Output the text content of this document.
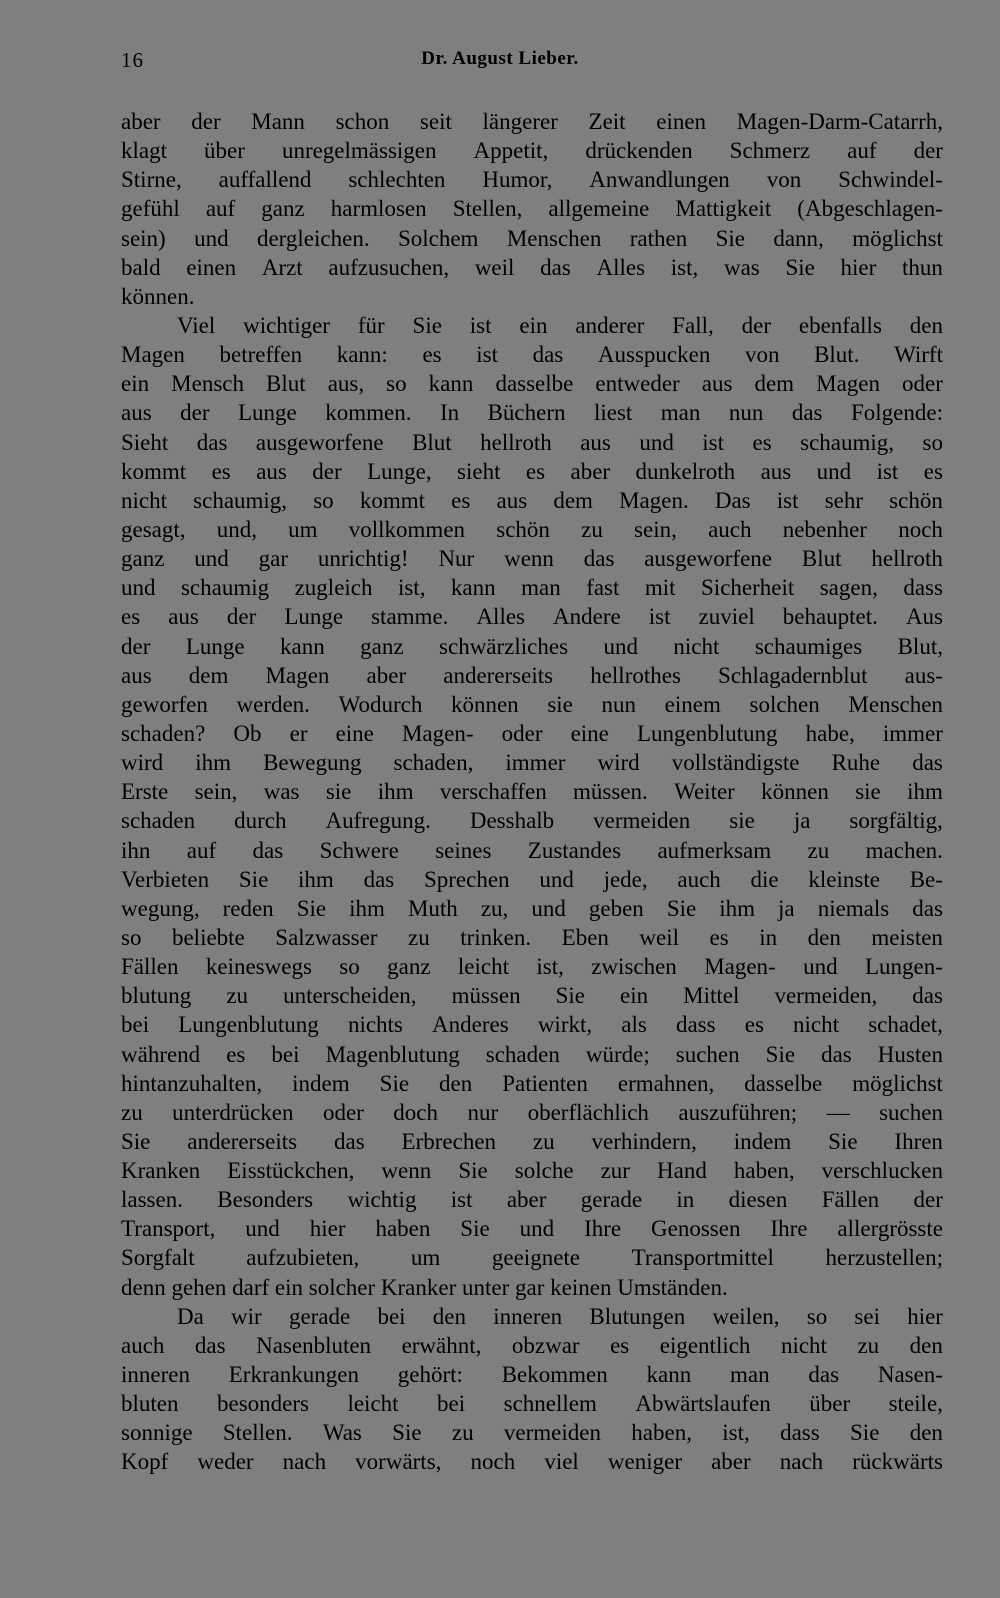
16	Dr. August Lieber.
aber der Mann schon seit längerer Zeit einen Magen-Darm-Catarrh,
klagt über unregelmässigen Appetit, drückenden Schmerz auf der
Stirne, auffallend schlechten Humor, Anwandlungen von Schwindel-
gefühl auf ganz harmlosen Stellen, allgemeine Mattigkeit (Abgeschlagen-
sein) und dergleichen. Solchem Menschen rathen Sie dann, möglichst
bald einen Arzt aufzusuchen, weil das Alles ist, was Sie hier thun
können.
Viel wichtiger für Sie ist ein anderer Fall, der ebenfalls den
Magen betreffen kann: es ist das Ausspucken von Blut. Wirft
ein Mensch Blut aus, so kann dasselbe entweder aus dem Magen oder
aus der Lunge kommen. In Büchern liest man nun das Folgende:
Sieht das ausgeworfene Blut hellroth aus und ist es schaumig, so
kommt es aus der Lunge, sieht es aber dunkelroth aus und ist es
nicht schaumig, so kommt es aus dem Magen. Das ist sehr schön
gesagt, und, um vollkommen schön zu sein, auch nebenher noch
ganz und gar unrichtig! Nur wenn das ausgeworfene Blut hellroth
und schaumig zugleich ist, kann man fast mit Sicherheit sagen, dass
es aus der Lunge stamme. Alles Andere ist zuviel behauptet. Aus
der Lunge kann ganz schwärzliches und nicht schaumiges Blut,
aus dem Magen aber andererseits hellrothes Schlagadernblut aus-
geworfen werden. Wodurch können sie nun einem solchen Menschen
schaden? Ob er eine Magen- oder eine Lungenblutung habe, immer
wird ihm Bewegung schaden, immer wird vollständigste Ruhe das
Erste sein, was sie ihm verschaffen müssen. Weiter können sie ihm
schaden durch Aufregung. Desshalb vermeiden sie ja sorgfältig,
ihn auf das Schwere seines Zustandes aufmerksam zu machen.
Verbieten Sie ihm das Sprechen und jede, auch die kleinste Be-
wegung, reden Sie ihm Muth zu, und geben Sie ihm ja niemals das
so beliebte Salzwasser zu trinken. Eben weil es in den meisten
Fällen keineswegs so ganz leicht ist, zwischen Magen- und Lungen-
blutung zu unterscheiden, müssen Sie ein Mittel vermeiden, das
bei Lungenblutung nichts Anderes wirkt, als dass es nicht schadet,
während es bei Magenblutung schaden würde; suchen Sie das Husten
hintanzuhalten, indem Sie den Patienten ermahnen, dasselbe möglichst
zu unterdrücken oder doch nur oberflächlich auszuführen; — suchen
Sie andererseits das Erbrechen zu verhindern, indem Sie Ihren
Kranken Eisstückchen, wenn Sie solche zur Hand haben, verschlucken
lassen. Besonders wichtig ist aber gerade in diesen Fällen der
Transport, und hier haben Sie und Ihre Genossen Ihre allergrösste
Sorgfalt aufzubieten, um geeignete Transportmittel herzustellen;
denn gehen darf ein solcher Kranker unter gar keinen Umständen.
Da wir gerade bei den inneren Blutungen weilen, so sei hier
auch das Nasenbluten erwähnt, obzwar es eigentlich nicht zu den
inneren Erkrankungen gehört: Bekommen kann man das Nasen-
bluten besonders leicht bei schnellem Abwärtslaufen über steile,
sonnige Stellen. Was Sie zu vermeiden haben, ist, dass Sie den
Kopf weder nach vorwärts, noch viel weniger aber nach rückwärts
